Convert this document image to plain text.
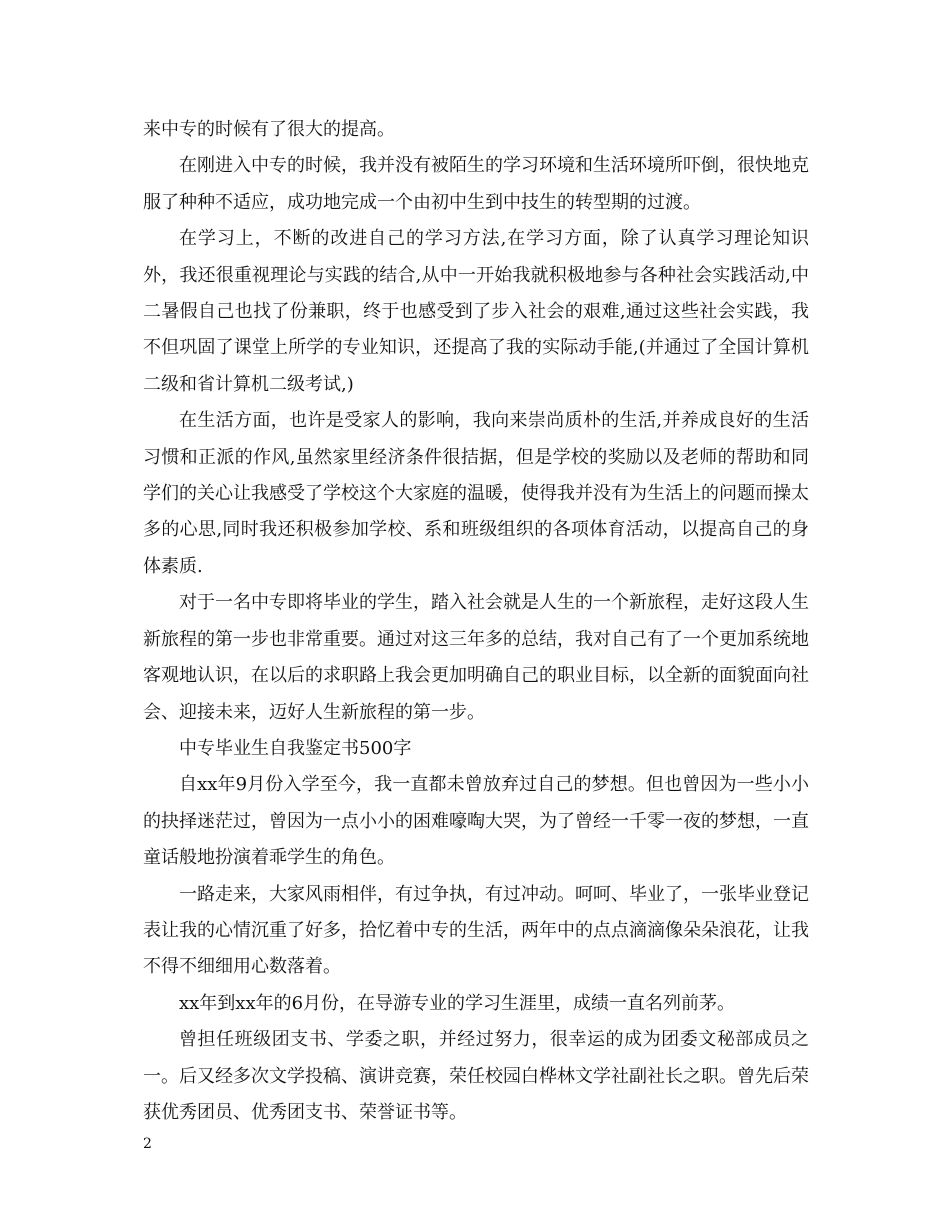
来中专的时候有了很大的提高。

在刚进入中专的时候，我并没有被陌生的学习环境和生活环境所吓倒，很快地克服了种种不适应，成功地完成一个由初中生到中技生的转型期的过渡。

在学习上，不断的改进自己的学习方法,在学习方面，除了认真学习理论知识外，我还很重视理论与实践的结合,从中一开始我就积极地参与各种社会实践活动,中二暑假自己也找了份兼职，终于也感受到了步入社会的艰难,通过这些社会实践，我不但巩固了课堂上所学的专业知识，还提高了我的实际动手能,(并通过了全国计算机二级和省计算机二级考试,)

在生活方面，也许是受家人的影响，我向来崇尚质朴的生活,并养成良好的生活习惯和正派的作风,虽然家里经济条件很拮据，但是学校的奖励以及老师的帮助和同学们的关心让我感受了学校这个大家庭的温暖，使得我并没有为生活上的问题而操太多的心思,同时我还积极参加学校、系和班级组织的各项体育活动，以提高自己的身体素质.

对于一名中专即将毕业的学生，踏入社会就是人生的一个新旅程，走好这段人生新旅程的第一步也非常重要。通过对这三年多的总结，我对自己有了一个更加系统地客观地认识，在以后的求职路上我会更加明确自己的职业目标，以全新的面貌面向社会、迎接未来，迈好人生新旅程的第一步。

中专毕业生自我鉴定书500字

自xx年9月份入学至今，我一直都未曾放弃过自己的梦想。但也曾因为一些小小的抉择迷茫过，曾因为一点小小的困难嚎啕大哭，为了曾经一千零一夜的梦想，一直童话般地扮演着乖学生的角色。

一路走来，大家风雨相伴，有过争执，有过冲动。呵呵、毕业了，一张毕业登记表让我的心情沉重了好多，拾忆着中专的生活，两年中的点点滴滴像朵朵浪花，让我不得不细细用心数落着。

xx年到xx年的6月份，在导游专业的学习生涯里，成绩一直名列前茅。

曾担任班级团支书、学委之职，并经过努力，很幸运的成为团委文秘部成员之一。后又经多次文学投稿、演讲竞赛，荣任校园白桦林文学社副社长之职。曾先后荣获优秀团员、优秀团支书、荣誉证书等。

2
